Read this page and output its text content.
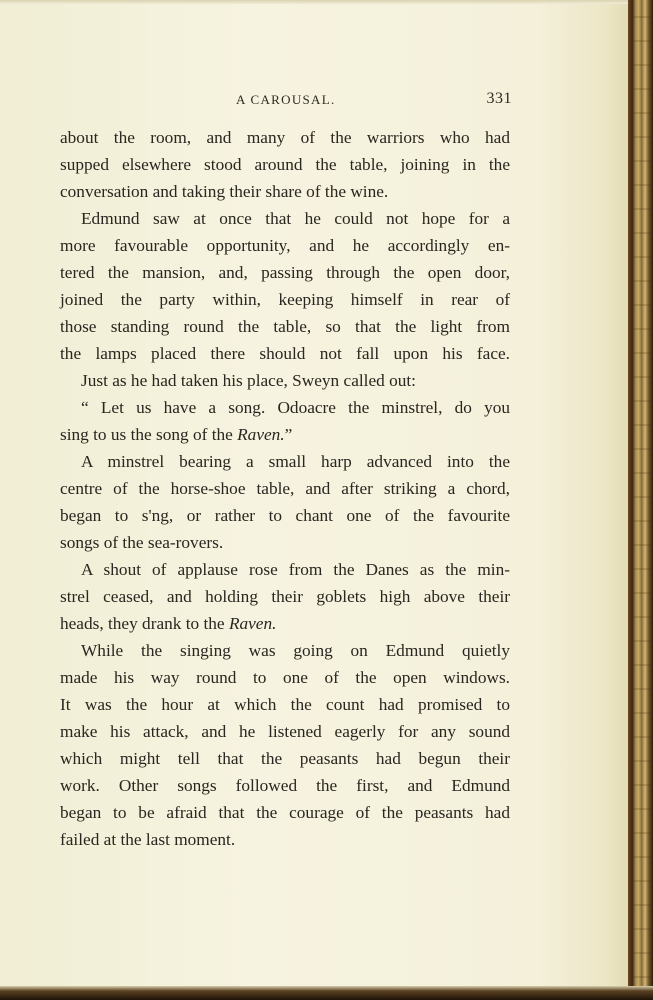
A CAROUSAL.	331
about the room, and many of the warriors who had
supped elsewhere stood around the table, joining in the
conversation and taking their share of the wine.
Edmund saw at once that he could not hope for a
more favourable opportunity, and he accordingly en-
tered the mansion, and, passing through the open door,
joined the party within, keeping himself in rear of
those standing round the table, so that the light from
the lamps placed there should not fall upon his face.
Just as he had taken his place, Sweyn called out:
“ Let us have a song. Odoacre the minstrel, do you
sing to us the song of the Raven.”
A minstrel bearing a small harp advanced into the
centre of the horse-shoe table, and after striking a chord,
began to s'ng, or rather to chant one of the favourite
songs of the sea-rovers.
A shout of applause rose from the Danes as the min-
strel ceased, and holding their goblets high above their
heads, they drank to the Raven.
While the singing was going on Edmund quietly
made his way round to one of the open windows.
It was the hour at which the count had promised to
make his attack, and he listened eagerly for any sound
which might tell that the peasants had begun their
work. Other songs followed the first, and Edmund
began to be afraid that the courage of the peasants had
failed at the last moment.
